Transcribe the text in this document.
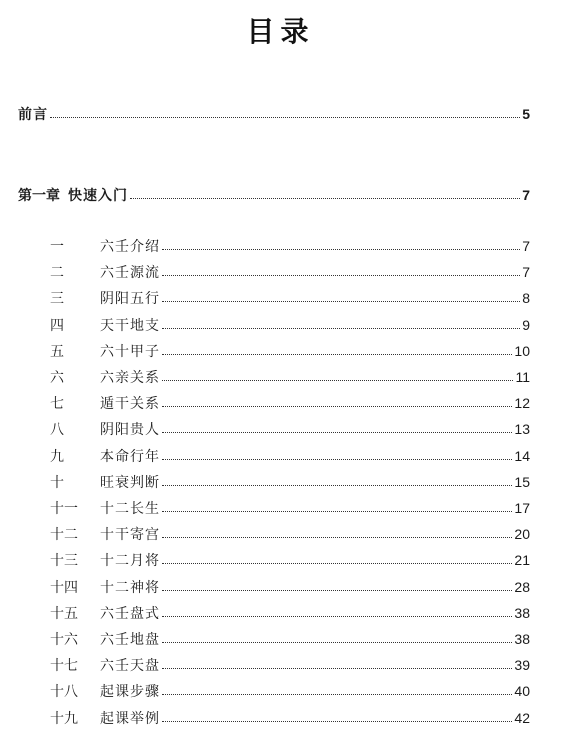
目录
前言	5
第一章 快速入门	7
一	六壬介绍	7
二	六壬源流	7
三	阴阳五行	8
四	天干地支	9
五	六十甲子	10
六	六亲关系	11
七	遁干关系	12
八	阴阳贵人	13
九	本命行年	14
十	旺衰判断	15
十一	十二长生	17
十二	十干寄宫	20
十三	十二月将	21
十四	十二神将	28
十五	六壬盘式	38
十六	六壬地盘	38
十七	六壬天盘	39
十八	起课步骤	40
十九	起课举例	42
